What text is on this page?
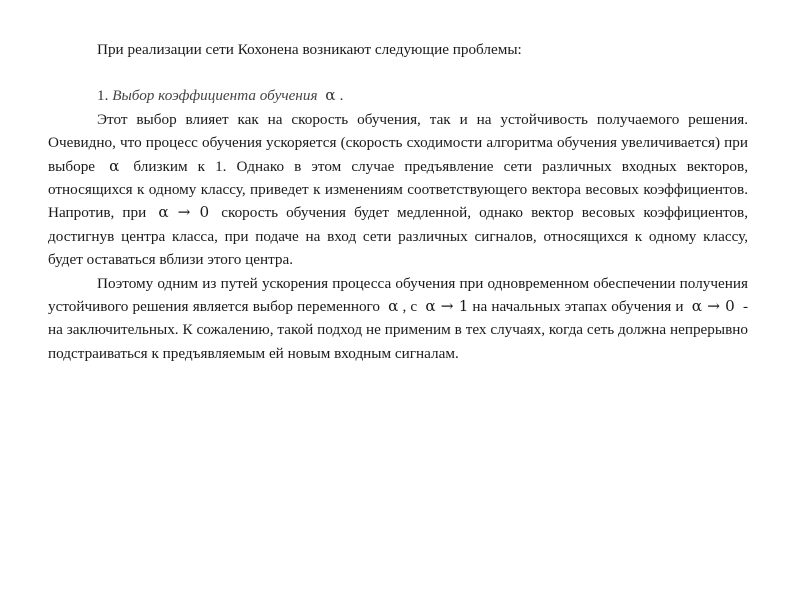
При реализации сети Кохонена возникают следующие проблемы:

1. Выбор коэффициента обучения α .

Этот выбор влияет как на скорость обучения, так и на устойчивость получаемого решения. Очевидно, что процесс обучения ускоряется (скорость сходимости алгоритма обучения увеличивается) при выборе α близким к 1. Однако в этом случае предъявление сети различных входных векторов, относящихся к одному классу, приведет к изменениям соответствующего вектора весовых коэффициентов. Напротив, при α → 0 скорость обучения будет медленной, однако вектор весовых коэффициентов, достигнув центра класса, при подаче на вход сети различных сигналов, относящихся к одному классу, будет оставаться вблизи этого центра.

Поэтому одним из путей ускорения процесса обучения при одновременном обеспечении получения устойчивого решения является выбор переменного α , с α → 1 на начальных этапах обучения и α → 0 - на заключительных. К сожалению, такой подход не применим в тех случаях, когда сеть должна непрерывно подстраиваться к предъявляемым ей новым входным сигналам.
